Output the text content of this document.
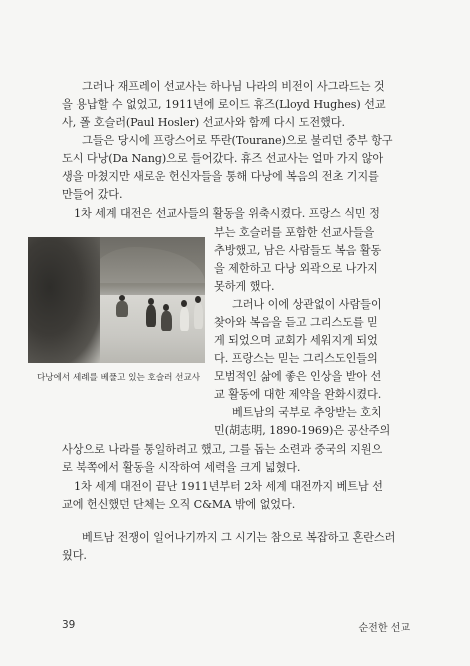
그러나 재프레이 선교사는 하나님 나라의 비전이 사그라드는 것
을 용납할 수 없었고, 1911년에 로이드 휴즈(Lloyd Hughes) 선교
사, 폴 호슬러(Paul Hosler) 선교사와 함께 다시 도전했다.
그들은 당시에 프랑스어로 뚜란(Tourane)으로 불리던 중부 항구
도시 다낭(Da Nang)으로 들어갔다. 휴즈 선교사는 얼마 가지 않아
생을 마쳤지만 새로운 헌신자들을 통해 다낭에 복음의 전초 기지를
만들어 갔다.
1차 세계 대전은 선교사들의 활동을 위축시켰다. 프랑스 식민 정
부는 호슬러를 포함한 선교사들을
추방했고, 남은 사람들도 복음 활동
을 제한하고 다낭 외곽으로 나가지
못하게 했다.
그러나 이에 상관없이 사람들이
찾아와 복음을 듣고 그리스도를 믿
게 되었으며 교회가 세워지게 되었
다. 프랑스는 믿는 그리스도인들의
모범적인 삶에 좋은 인상을 받아 선
교 활동에 대한 제약을 완화시켰다.
베트남의 국부로 추앙받는 호치
민(胡志明, 1890-1969)은 공산주의
사상으로 나라를 통일하려고 했고, 그를 돕는 소련과 중국의 지원으
로 북쪽에서 활동을 시작하여 세력을 크게 넓혔다.
1차 세계 대전이 끝난 1911년부터 2차 세계 대전까지 베트남 선
교에 헌신했던 단체는 오직 C&MA 밖에 없었다.
베트남 전쟁이 일어나기까지 그 시기는 참으로 복잡하고 혼란스러
웠다.
다낭에서 세례를 베풀고 있는 호슬러 선교사
39	순전한 선교
